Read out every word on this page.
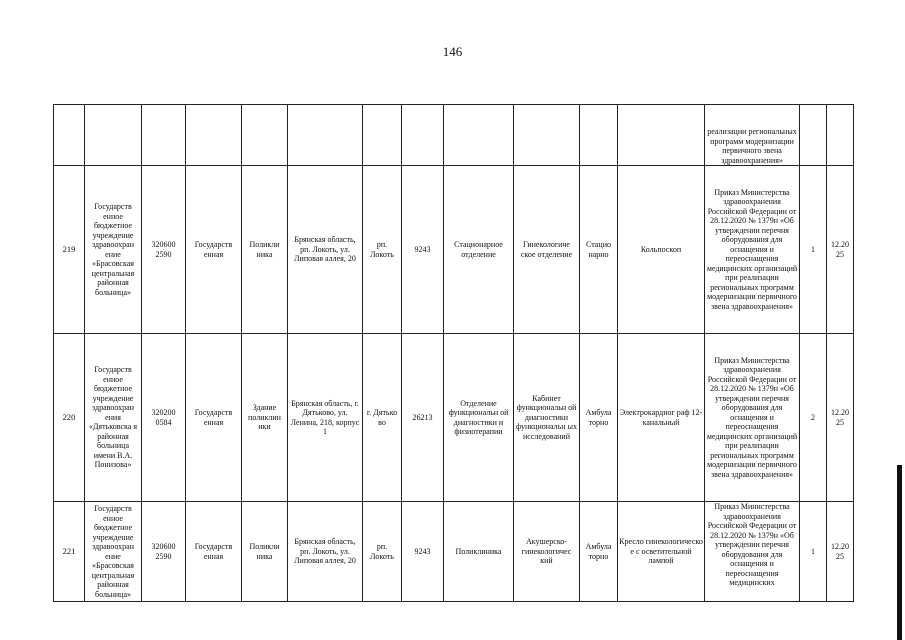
146
												реализации региональных программ модернизации первичного звена здравоохранения»		
219	Государств енное бюджетное учреждение здравоохран ение «Брасовская центральная районная больница»	320600 2590	Государств енная	Поликли ника	Брянская область, рп. Локоть, ул. Липовая аллея, 20	рп. Локоть	9243	Стационарное отделение	Гинекологиче ское отделение	Стацио нарно	Кольпоскоп	Приказ Министерства здравоохранения Российской Федерации от 28.12.2020 № 1379н «Об утверждении перечня оборудования для оснащения и переоснащения медицинских организаций при реализации региональных программ модернизации первичного звена здравоохранения»	1	12.20 25
220	Государств енное бюджетное учреждение здравоохран ения «Дятьковска я районная больница имени В.А. Понизова»	320200 0584	Государств енная	Здание поликлин ики	Брянская область, г. Дятьково, ул. Ленина, 218, корпус 1	г. Дятько во	26213	Отделение функциональн ой диагностики и физиотерапии	Кабинет функциональн ой диагностики функциональн ых исследований	Амбула торно	Электрокардиог раф 12-канальный	Приказ Министерства здравоохранения Российской Федерации от 28.12.2020 № 1379н «Об утверждении перечня оборудования для оснащения и переоснащения медицинских организаций при реализации региональных программ модернизации первичного звена здравоохранения»	2	12.20 25
221	Государств енное бюджетное учреждение здравоохран ение «Брасовская центральная районная больница»	320600 2590	Государств енная	Поликли ника	Брянская область, рп. Локоть, ул. Липовая аллея, 20	рп. Локоть	9243	Поликлиника	Акушерско-гинекологичес кий	Амбула торно	Кресло гинекологическо е с осветительной лампой	Приказ Министерства здравоохранения Российской Федерации от 28.12.2020 № 1379н «Об утверждении перечня оборудования для оснащения и переоснащения медицинских	1	12.20 25
